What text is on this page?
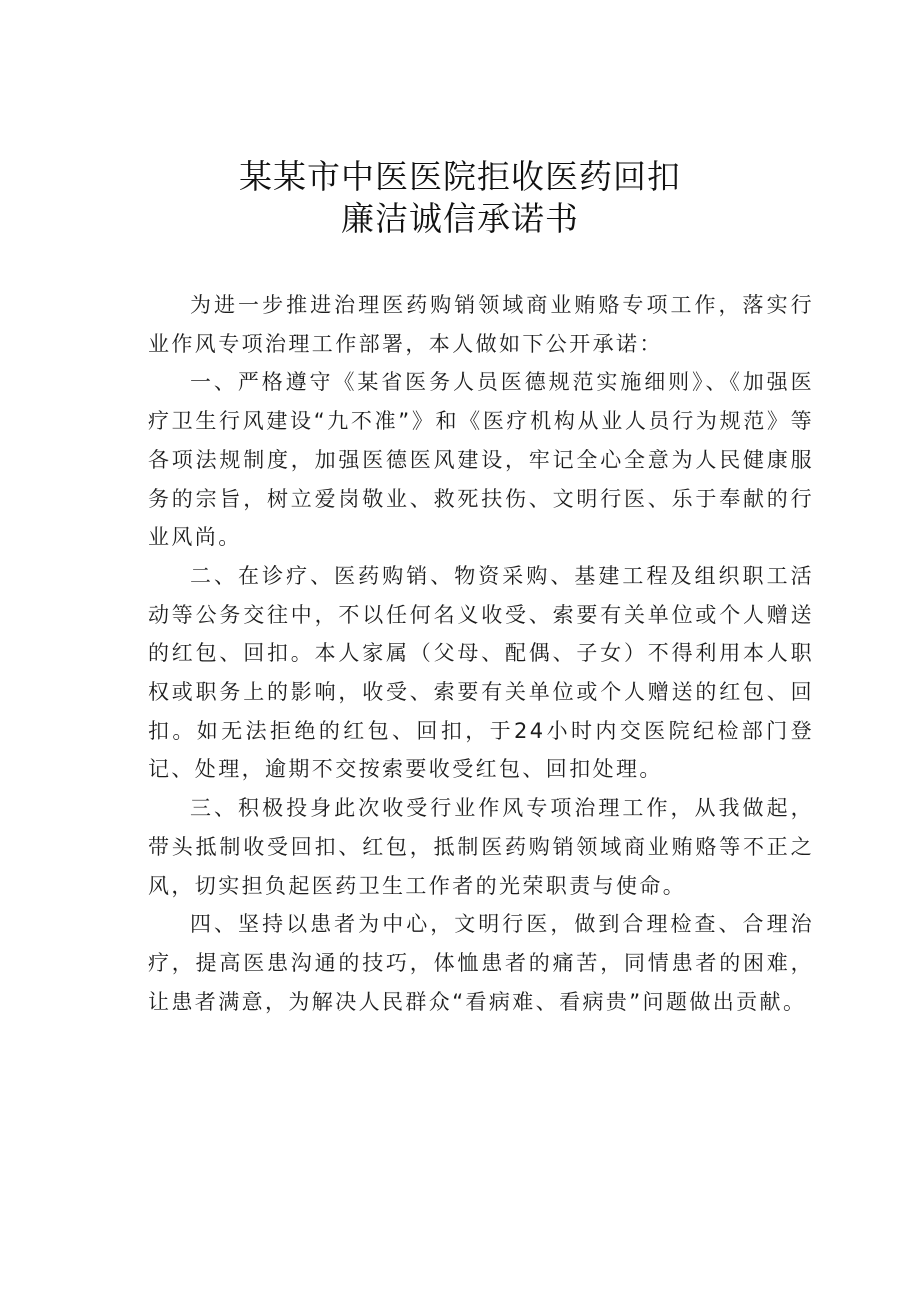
某某市中医医院拒收医药回扣
廉洁诚信承诺书

为进一步推进治理医药购销领域商业贿赂专项工作，落实行业作风专项治理工作部署，本人做如下公开承诺：

一、严格遵守《某省医务人员医德规范实施细则》、《加强医疗卫生行风建设“九不准”》和《医疗机构从业人员行为规范》等各项法规制度，加强医德医风建设，牢记全心全意为人民健康服务的宗旨，树立爱岗敬业、救死扶伤、文明行医、乐于奉献的行业风尚。

二、在诊疗、医药购销、物资采购、基建工程及组织职工活动等公务交往中，不以任何名义收受、索要有关单位或个人赠送的红包、回扣。本人家属（父母、配偶、子女）不得利用本人职权或职务上的影响，收受、索要有关单位或个人赠送的红包、回扣。如无法拒绝的红包、回扣，于24小时内交医院纪检部门登记、处理，逾期不交按索要收受红包、回扣处理。

三、积极投身此次收受行业作风专项治理工作，从我做起，带头抵制收受回扣、红包，抵制医药购销领域商业贿赂等不正之风，切实担负起医药卫生工作者的光荣职责与使命。

四、坚持以患者为中心，文明行医，做到合理检查、合理治疗，提高医患沟通的技巧，体恤患者的痛苦，同情患者的困难，让患者满意，为解决人民群众“看病难、看病贵”问题做出贡献。
